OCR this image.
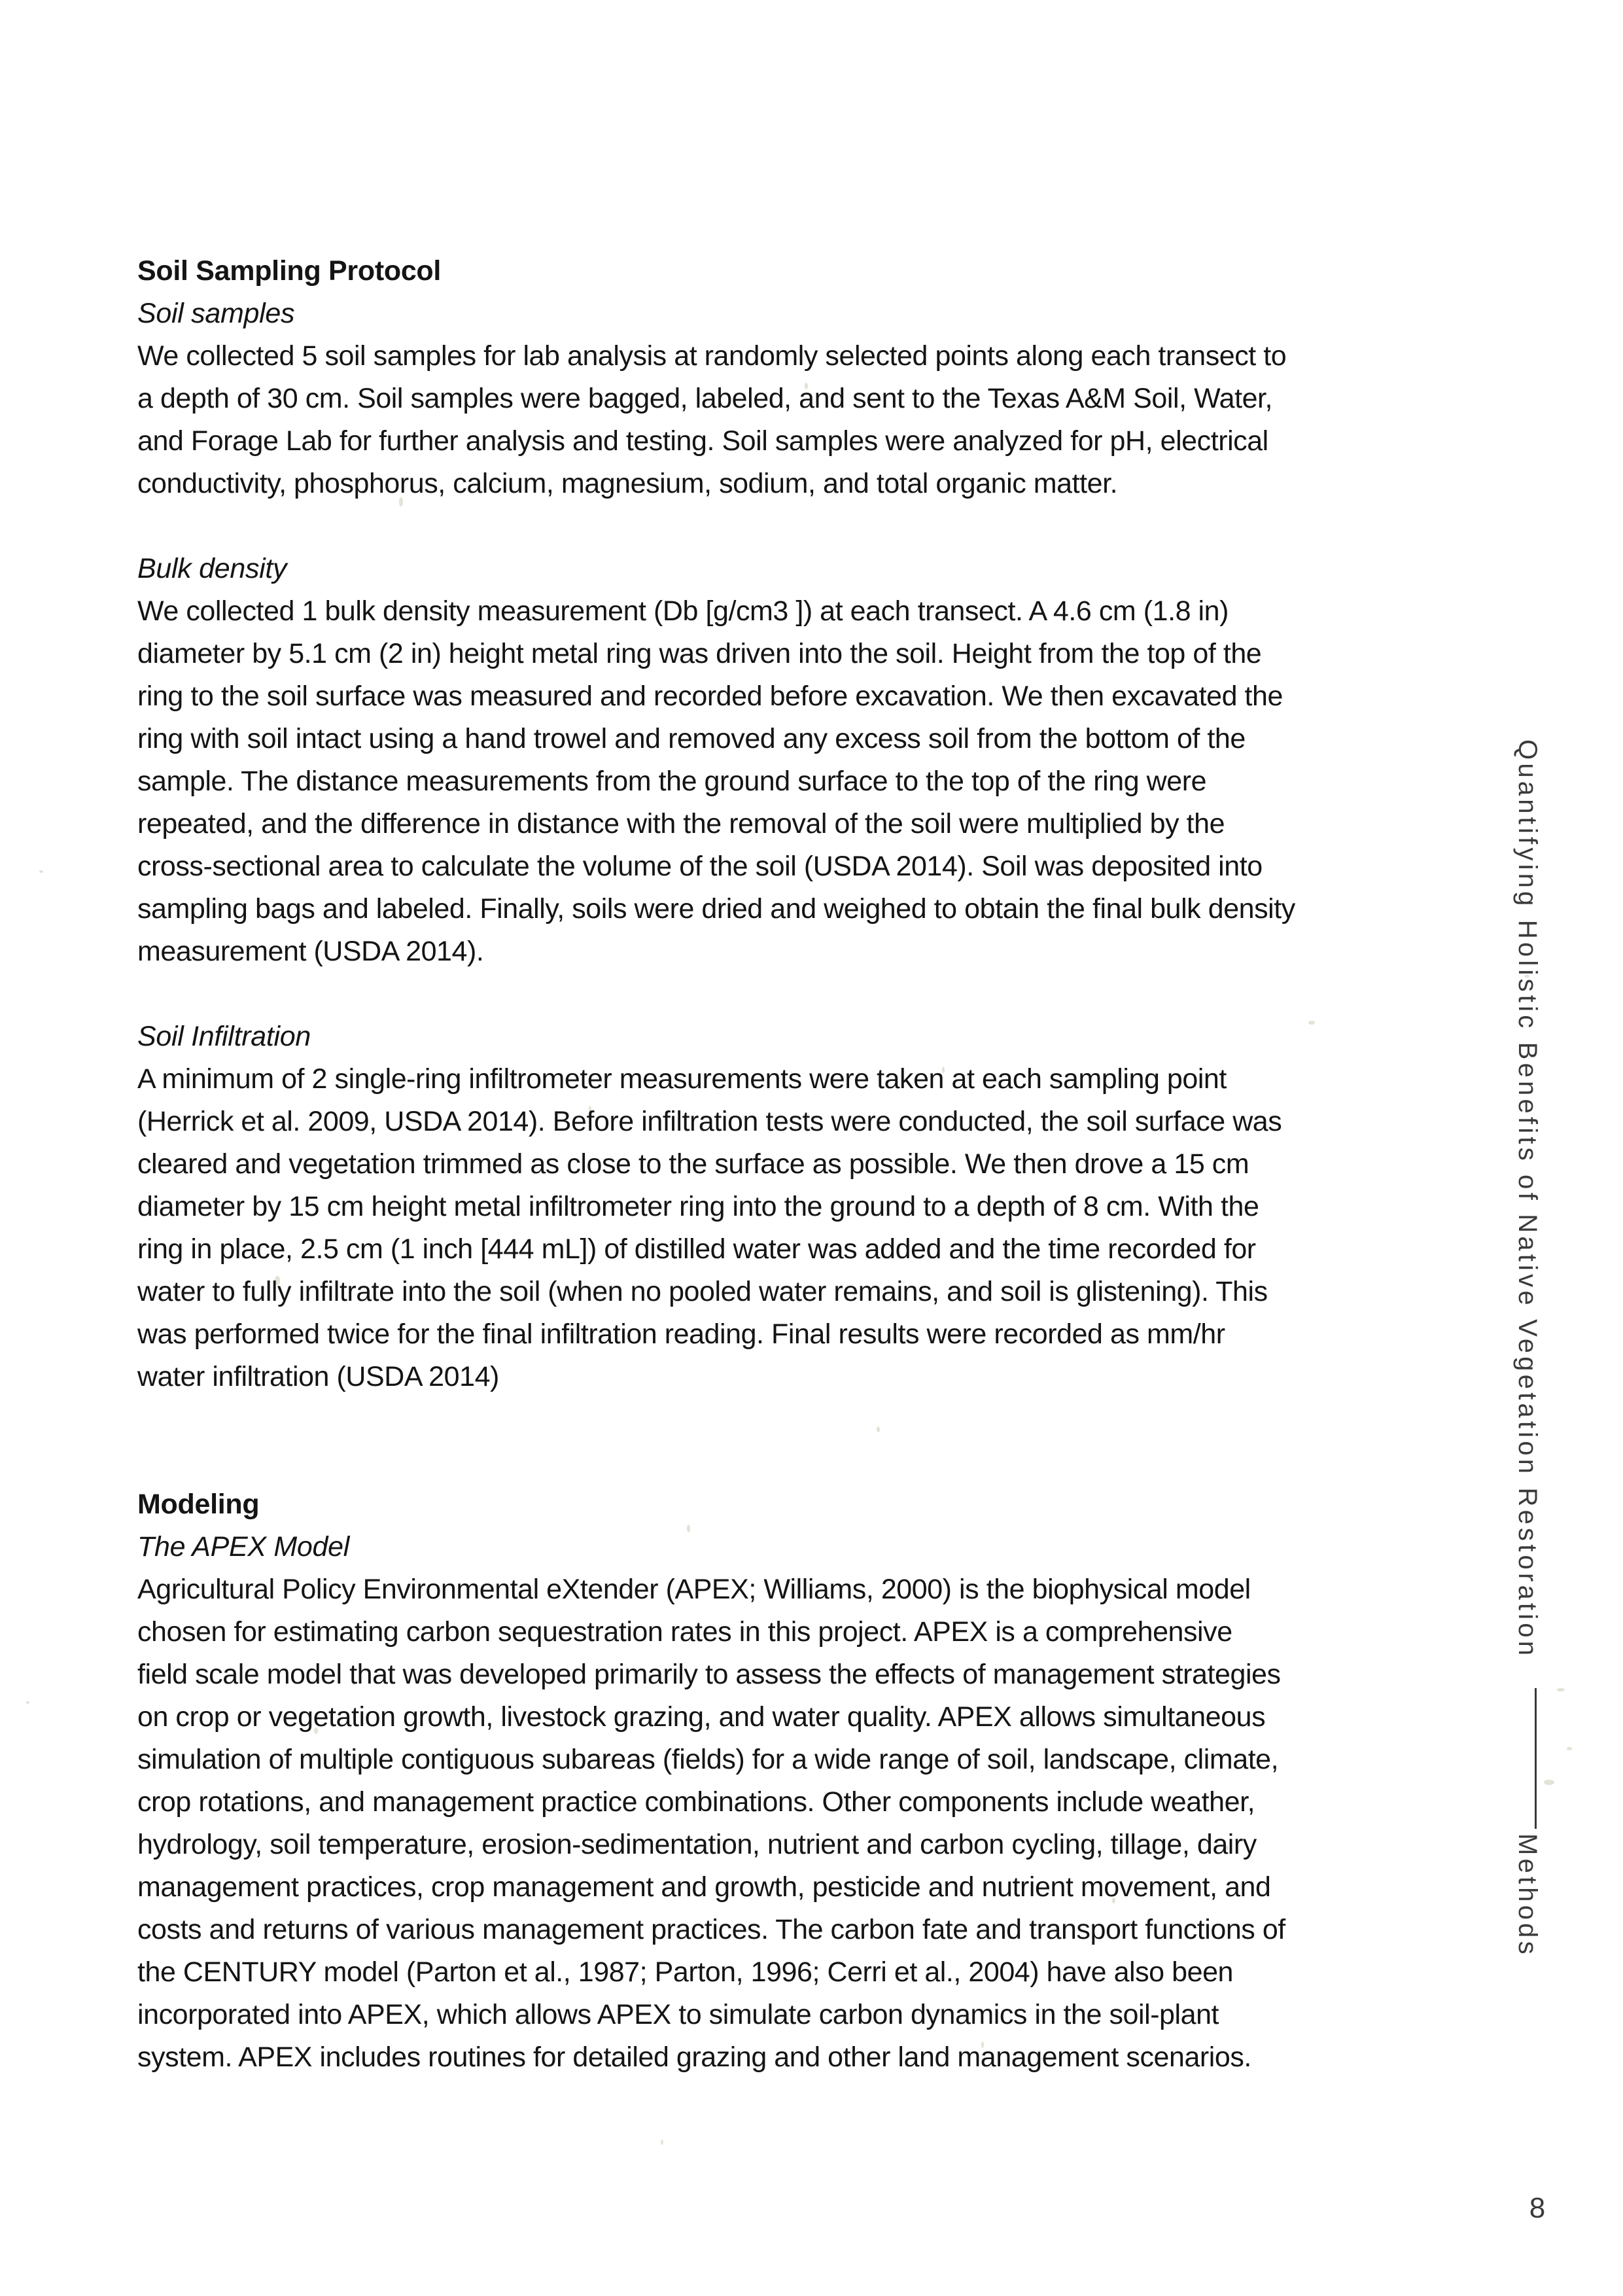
Soil Sampling Protocol
Soil samples
We collected 5 soil samples for lab analysis at randomly selected points along each transect to
a depth of 30 cm. Soil samples were bagged, labeled, and sent to the Texas A&M Soil, Water,
and Forage Lab for further analysis and testing. Soil samples were analyzed for pH, electrical
conductivity, phosphorus, calcium, magnesium, sodium, and total organic matter.
Bulk density
We collected 1 bulk density measurement (Db [g/cm3 ]) at each transect. A 4.6 cm (1.8 in)
diameter by 5.1 cm (2 in) height metal ring was driven into the soil. Height from the top of the
ring to the soil surface was measured and recorded before excavation. We then excavated the
ring with soil intact using a hand trowel and removed any excess soil from the bottom of the
sample. The distance measurements from the ground surface to the top of the ring were
repeated, and the difference in distance with the removal of the soil were multiplied by the
cross-sectional area to calculate the volume of the soil (USDA 2014). Soil was deposited into
sampling bags and labeled. Finally, soils were dried and weighed to obtain the final bulk density
measurement (USDA 2014).
Soil Infiltration
A minimum of 2 single-ring infiltrometer measurements were taken at each sampling point
(Herrick et al. 2009, USDA 2014). Before infiltration tests were conducted, the soil surface was
cleared and vegetation trimmed as close to the surface as possible. We then drove a 15 cm
diameter by 15 cm height metal infiltrometer ring into the ground to a depth of 8 cm. With the
ring in place, 2.5 cm (1 inch [444 mL]) of distilled water was added and the time recorded for
water to fully infiltrate into the soil (when no pooled water remains, and soil is glistening). This
was performed twice for the final infiltration reading. Final results were recorded as mm/hr
water infiltration (USDA 2014)
Modeling
The APEX Model
Agricultural Policy Environmental eXtender (APEX; Williams, 2000) is the biophysical model
chosen for estimating carbon sequestration rates in this project. APEX is a comprehensive
field scale model that was developed primarily to assess the effects of management strategies
on crop or vegetation growth, livestock grazing, and water quality. APEX allows simultaneous
simulation of multiple contiguous subareas (fields) for a wide range of soil, landscape, climate,
crop rotations, and management practice combinations. Other components include weather,
hydrology, soil temperature, erosion-sedimentation, nutrient and carbon cycling, tillage, dairy
management practices, crop management and growth, pesticide and nutrient movement, and
costs and returns of various management practices. The carbon fate and transport functions of
the CENTURY model (Parton et al., 1987; Parton, 1996; Cerri et al., 2004) have also been
incorporated into APEX, which allows APEX to simulate carbon dynamics in the soil-plant
system. APEX includes routines for detailed grazing and other land management scenarios.
Quantifying Holistic Benefits of Native Vegetation Restoration
Methods
8
